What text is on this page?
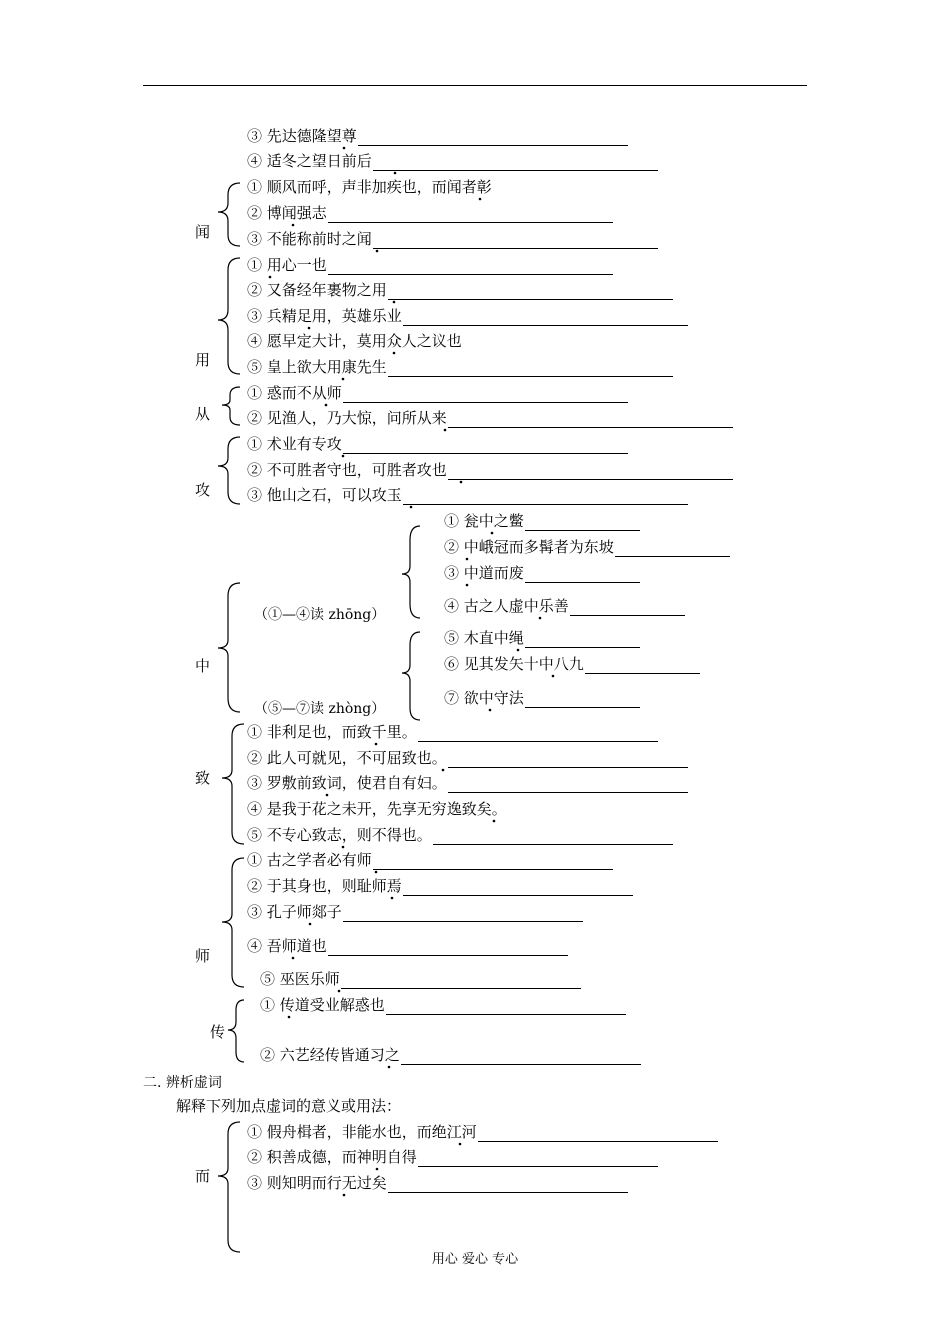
③ 先达德隆望尊
④ 适冬之望日前后
① 顺风而呼，声非加疾也，而闻者彰
② 博闻强志
③ 不能称前时之闻
① 用心一也
② 又备经年裹物之用
③ 兵精足用，英雄乐业
④ 愿早定大计，莫用众人之议也
⑤ 皇上欲大用康先生
① 惑而不从师
② 见渔人，乃大惊，问所从来
① 术业有专攻
② 不可胜者守也，可胜者攻也
③ 他山之石，可以攻玉
① 瓮中之鳖
② 中峨冠而多髯者为东坡
③ 中道而废
④ 古之人虚中乐善
⑤ 木直中绳
⑥ 见其发矢十中八九
⑦ 欲中守法
① 非利足也，而致千里。
② 此人可就见，不可屈致也。
③ 罗敷前致词，使君自有妇。
④ 是我于花之未开，先享无穷逸致矣。
⑤ 不专心致志，则不得也。
① 古之学者必有师
② 于其身也，则耻师焉
③ 孔子师郯子
④ 吾师道也
⑤ 巫医乐师
① 传道受业解惑也
② 六艺经传皆通习之
二. 辨析虚词
解释下列加点虚词的意义或用法：
① 假舟楫者，非能水也，而绝江河
② 积善成德，而神明自得
③ 则知明而行无过矣
闻
用
从
攻
中
致
师
传
而
（①—④读 zhōng）
（⑤—⑦读 zhòng）
用心 爱心 专心
